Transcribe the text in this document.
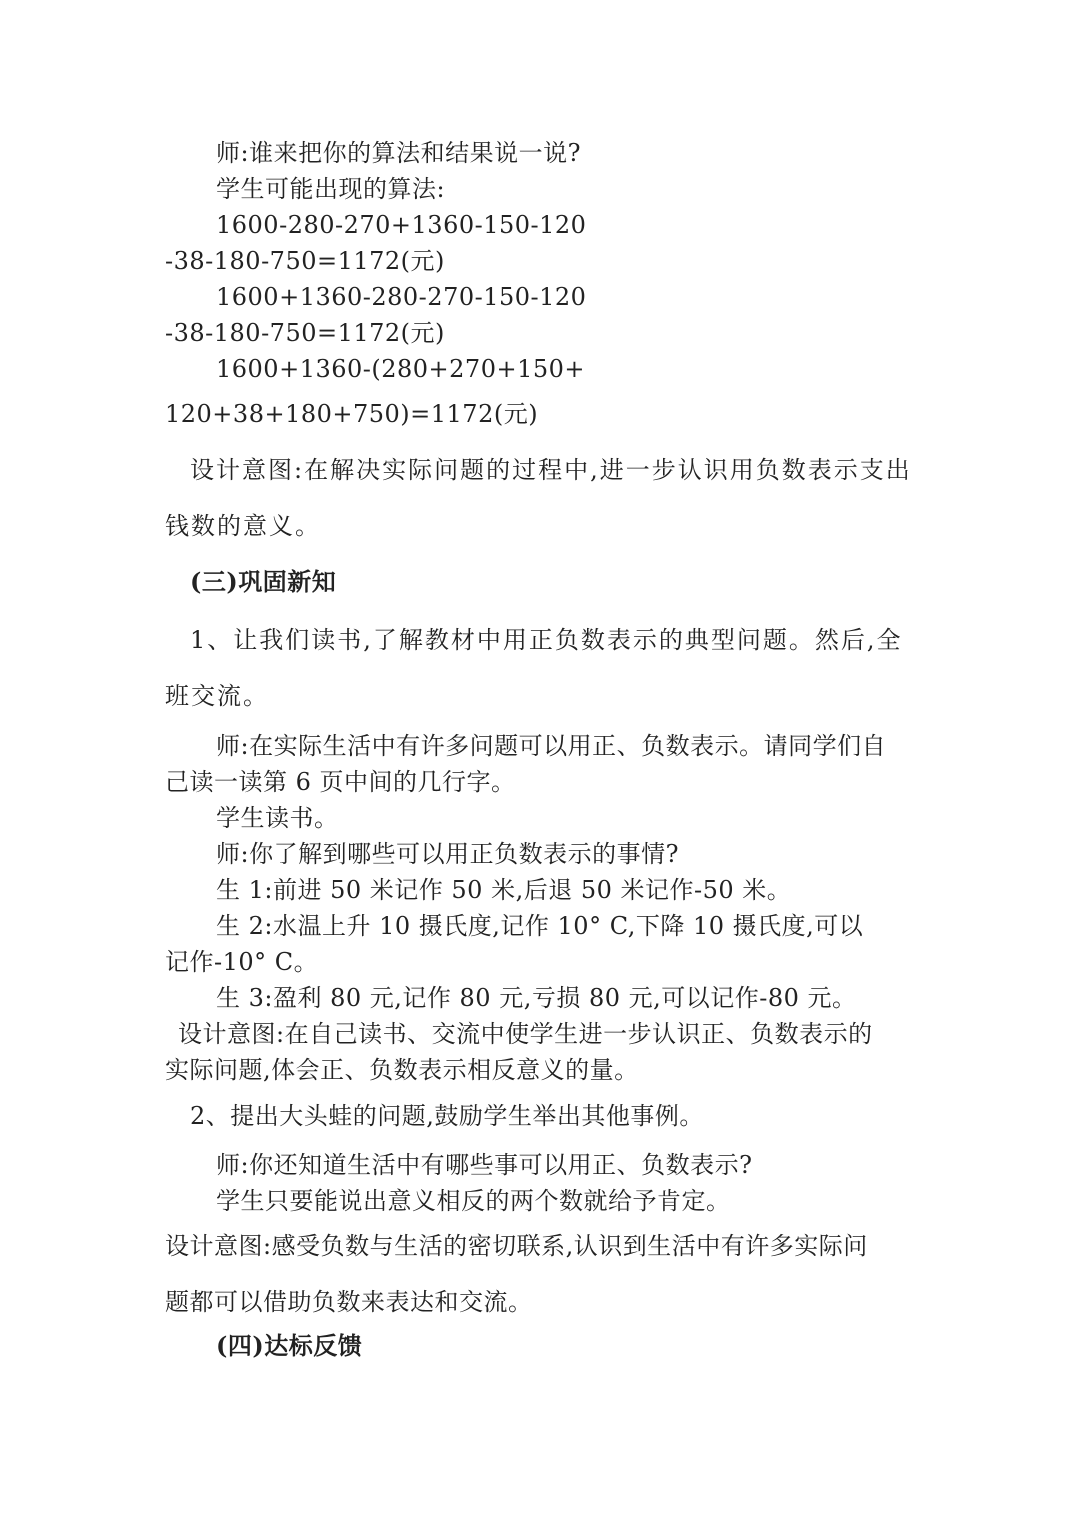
师:谁来把你的算法和结果说一说?
学生可能出现的算法:
1600-280-270+1360-150-120
-38-180-750=1172(元)
1600+1360-280-270-150-120
-38-180-750=1172(元)
1600+1360-(280+270+150+
120+38+180+750)=1172(元)
设计意图:在解决实际问题的过程中,进一步认识用负数表示支出
钱数的意义。
(三)巩固新知
1、让我们读书,了解教材中用正负数表示的典型问题。然后,全
班交流。
师:在实际生活中有许多问题可以用正、负数表示。请同学们自
己读一读第 6 页中间的几行字。
学生读书。
师:你了解到哪些可以用正负数表示的事情?
生 1:前进 50 米记作 50 米,后退 50 米记作-50 米。
生 2:水温上升 10 摄氏度,记作 10° C,下降 10 摄氏度,可以
记作-10° C。
生 3:盈利 80 元,记作 80 元,亏损 80 元,可以记作-80 元。
设计意图:在自己读书、交流中使学生进一步认识正、负数表示的
实际问题,体会正、负数表示相反意义的量。
2、提出大头蛙的问题,鼓励学生举出其他事例。
师:你还知道生活中有哪些事可以用正、负数表示?
学生只要能说出意义相反的两个数就给予肯定。
设计意图:感受负数与生活的密切联系,认识到生活中有许多实际问
题都可以借助负数来表达和交流。
(四)达标反馈
